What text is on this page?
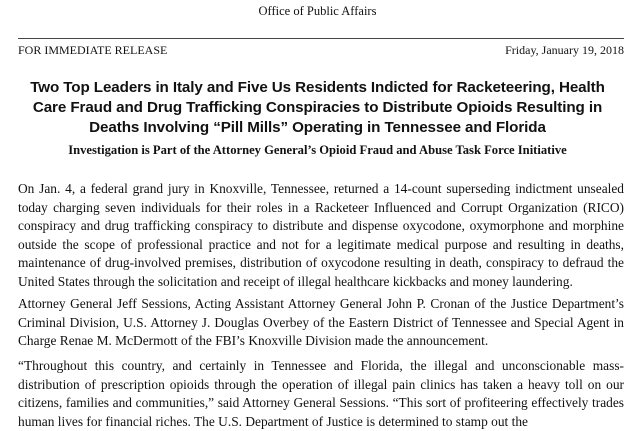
Office of Public Affairs
FOR IMMEDIATE RELEASE	Friday, January 19, 2018
Two Top Leaders in Italy and Five Us Residents Indicted for Racketeering, Health Care Fraud and Drug Trafficking Conspiracies to Distribute Opioids Resulting in Deaths Involving “Pill Mills” Operating in Tennessee and Florida
Investigation is Part of the Attorney General’s Opioid Fraud and Abuse Task Force Initiative

On Jan. 4, a federal grand jury in Knoxville, Tennessee, returned a 14-count superseding indictment unsealed today charging seven individuals for their roles in a Racketeer Influenced and Corrupt Organization (RICO) conspiracy and drug trafficking conspiracy to distribute and dispense oxycodone, oxymorphone and morphine outside the scope of professional practice and not for a legitimate medical purpose and resulting in deaths, maintenance of drug-involved premises, distribution of oxycodone resulting in death, conspiracy to defraud the United States through the solicitation and receipt of illegal healthcare kickbacks and money laundering.

Attorney General Jeff Sessions, Acting Assistant Attorney General John P. Cronan of the Justice Department’s Criminal Division, U.S. Attorney J. Douglas Overbey of the Eastern District of Tennessee and Special Agent in Charge Renae M. McDermott of the FBI’s Knoxville Division made the announcement.

“Throughout this country, and certainly in Tennessee and Florida, the illegal and unconscionable mass-distribution of prescription opioids through the operation of illegal pain clinics has taken a heavy toll on our citizens, families and communities,” said Attorney General Sessions. “This sort of profiteering effectively trades human lives for financial riches. The U.S. Department of Justice is determined to stamp out the
